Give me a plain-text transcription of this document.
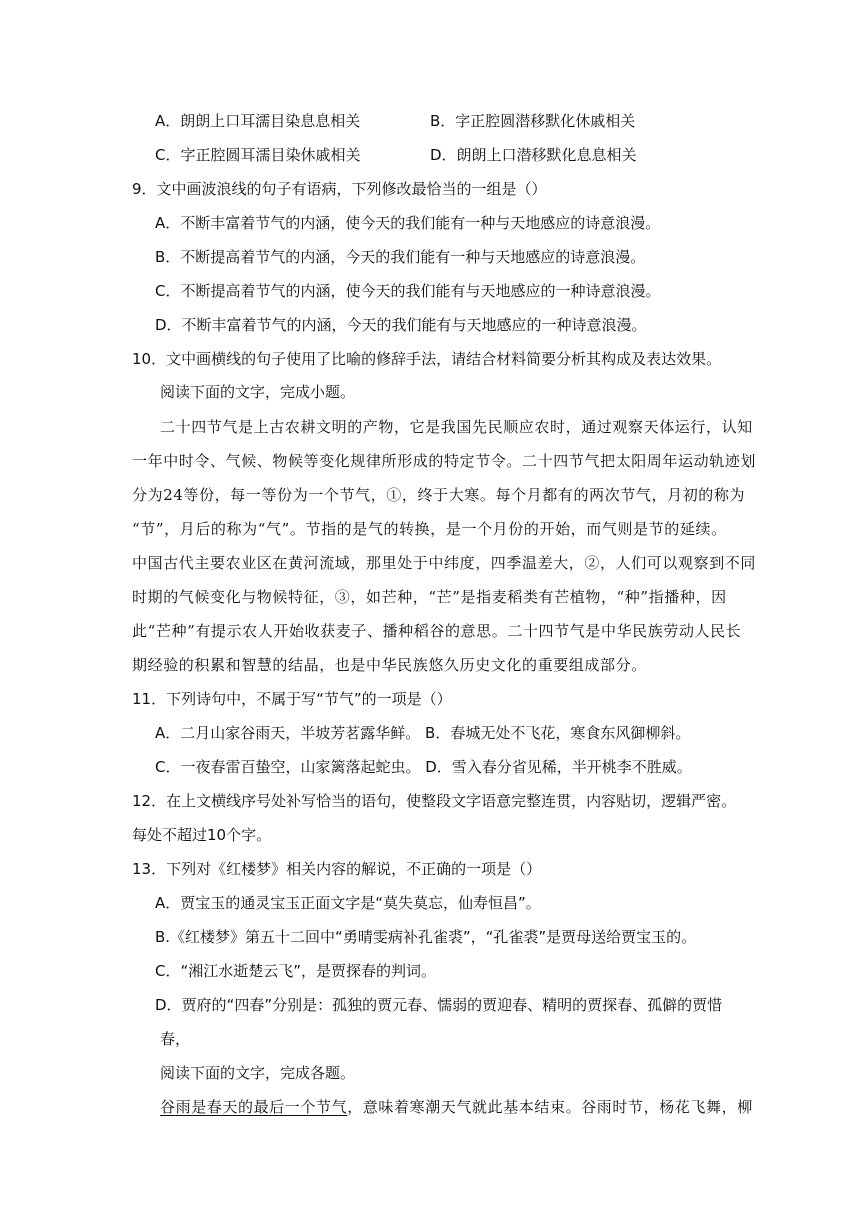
A．朗朗上口耳濡目染息息相关	B．字正腔圆潜移默化休戚相关
C．字正腔圆耳濡目染休戚相关	D．朗朗上口潜移默化息息相关
9．文中画波浪线的句子有语病，下列修改最恰当的一组是（）
A．不断丰富着节气的内涵，使今天的我们能有一种与天地感应的诗意浪漫。
B．不断提高着节气的内涵，今天的我们能有一种与天地感应的诗意浪漫。
C．不断提高着节气的内涵，使今天的我们能有与天地感应的一种诗意浪漫。
D．不断丰富着节气的内涵，今天的我们能有与天地感应的一种诗意浪漫。
10．文中画横线的句子使用了比喻的修辞手法，请结合材料简要分析其构成及表达效果。
阅读下面的文字，完成小题。
二十四节气是上古农耕文明的产物，它是我国先民顺应农时，通过观察天体运行，认知
一年中时令、气候、物候等变化规律所形成的特定节令。二十四节气把太阳周年运动轨迹划
分为24等份，每一等份为一个节气，①，终于大寒。每个月都有的两次节气，月初的称为
“节”，月后的称为“气”。节指的是气的转换，是一个月份的开始，而气则是节的延续。
中国古代主要农业区在黄河流域，那里处于中纬度，四季温差大，②，人们可以观察到不同
时期的气候变化与物候特征，③，如芒种，“芒”是指麦稻类有芒植物，“种”指播种，因
此“芒种”有提示农人开始收获麦子、播种稻谷的意思。二十四节气是中华民族劳动人民长
期经验的积累和智慧的结晶，也是中华民族悠久历史文化的重要组成部分。
11．下列诗句中，不属于写“节气”的一项是（）
A．二月山家谷雨天，半坡芳茗露华鲜。 B．春城无处不飞花，寒食东风御柳斜。
C．一夜春雷百蛰空，山家篱落起蛇虫。 D．雪入春分省见稀，半开桃李不胜威。
12．在上文横线序号处补写恰当的语句，使整段文字语意完整连贯，内容贴切，逻辑严密。
每处不超过10个字。
13．下列对《红楼梦》相关内容的解说，不正确的一项是（）
A．贾宝玉的通灵宝玉正面文字是“莫失莫忘，仙寿恒昌”。
B.《红楼梦》第五十二回中“勇晴雯病补孔雀裘”，“孔雀裘”是贾母送给贾宝玉的。
C．“湘江水逝楚云飞”，是贾探春的判词。
D．贾府的“四春”分别是：孤独的贾元春、懦弱的贾迎春、精明的贾探春、孤僻的贾惜
春，
阅读下面的文字，完成各题。
谷雨是春天的最后一个节气，意味着寒潮天气就此基本结束。谷雨时节，杨花飞舞，柳
